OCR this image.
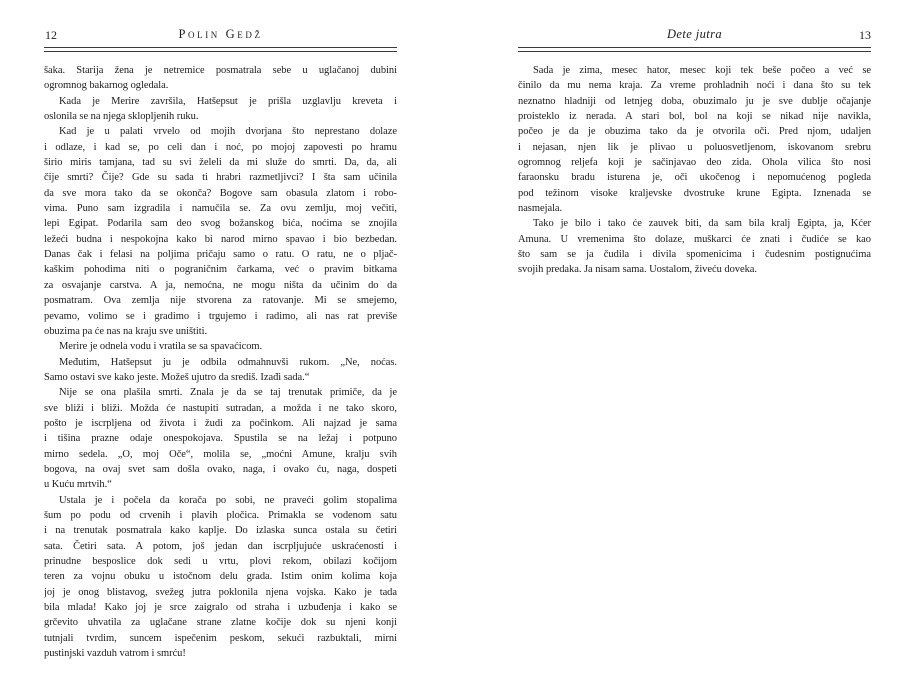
12	Polin Gedž
šaka. Starija žena je netremice posmatrala sebe u uglačanoj dubini
ogromnog bakarnog ogledala.
Kada je Merire završila, Hatšepsut je prišla uzglavlju kreveta i
oslonila se na njega sklopljenih ruku.
Kad je u palati vrvelo od mojih dvorjana što neprestano dolaze
i odlaze, i kad se, po celi dan i noć, po mojoj zapovesti po hramu
širio miris tamjana, tad su svi želeli da mi služe do smrti. Da, da, ali
čije smrti? Čije? Gde su sada ti hrabri razmetljivci? I šta sam učinila
da sve mora tako da se okonča? Bogove sam obasula zlatom i robo-
vima. Puno sam izgradila i namučila se. Za ovu zemlju, moj večiti,
lepi Egipat. Podarila sam deo svog božanskog bića, noćima se znojila
ležeći budna i nespokojna kako bi narod mirno spavao i bio bezbedan.
Danas čak i felasi na poljima pričaju samo o ratu. O ratu, ne o pljač-
kaškim pohodima niti o pograničnim čarkama, već o pravim bitkama
za osvajanje carstva. A ja, nemoćna, ne mogu ništa da učinim do da
posmatram. Ova zemlja nije stvorena za ratovanje. Mi se smejemo,
pevamo, volimo se i gradimo i trgujemo i radimo, ali nas rat previše
obuzima pa će nas na kraju sve uništiti.
Merire je odnela vodu i vratila se sa spavaćicom.
Međutim, Hatšepsut ju je odbila odmahnuvši rukom. „Ne, noćas.
Samo ostavi sve kako jeste. Možeš ujutro da središ. Izađi sada.“
Nije se ona plašila smrti. Znala je da se taj trenutak primiče, da je
sve bliži i bliži. Možda će nastupiti sutradan, a možda i ne tako skoro,
pošto je iscrpljena od života i žudi za počinkom. Ali najzad je sama
i tišina prazne odaje onespokojava. Spustila se na ležaj i potpuno
mirno sedela. „O, moj Oče“, molila se, „moćni Amune, kralju svih
bogova, na ovaj svet sam došla ovako, naga, i ovako ću, naga, dospeti
u Kuću mrtvih.“
Ustala je i počela da korača po sobi, ne praveći golim stopalima
šum po podu od crvenih i plavih pločica. Primakla se vodenom satu
i na trenutak posmatrala kako kaplje. Do izlaska sunca ostala su četiri
sata. Četiri sata. A potom, još jedan dan iscrpljujuće uskraćenosti i
prinudne besposlice dok sedi u vrtu, plovi rekom, obilazi kočijom
teren za vojnu obuku u istočnom delu grada. Istim onim kolima koja
joj je onog blistavog, svežeg jutra poklonila njena vojska. Kako je tada
bila mlada! Kako joj je srce zaigralo od straha i uzbuđenja i kako se
grčevito uhvatila za uglačane strane zlatne kočije dok su njeni konji
tutnjali tvrdim, suncem ispečenim peskom, sekući razbuktali, mirni
pustinjski vazduh vatrom i smrću!
Dete jutra	13
Sada je zima, mesec hator, mesec koji tek beše počeo a već se
činilo da mu nema kraja. Za vreme prohladnih noći i dana što su tek
neznatno hladniji od letnjeg doba, obuzimalo ju je sve dublje očajanje
proisteklo iz nerada. A stari bol, bol na koji se nikad nije navikla,
počeo je da je obuzima tako da je otvorila oči. Pred njom, udaljen
i nejasan, njen lik je plivao u poluosvetljenom, iskovanom srebru
ogromnog reljefa koji je sačinjavao deo zida. Ohola vilica što nosi
faraonsku bradu isturena je, oči ukočenog i nepomućenog pogleda
pod težinom visoke kraljevske dvostruke krune Egipta. Iznenada se
nasmejala.
Tako je bilo i tako će zauvek biti, da sam bila kralj Egipta, ja, Kćer
Amuna. U vremenima što dolaze, muškarci će znati i čudiće se kao
što sam se ja čudila i divila spomenicima i čudesnim postignućima
svojih predaka. Ja nisam sama. Uostalom, živeću doveka.
